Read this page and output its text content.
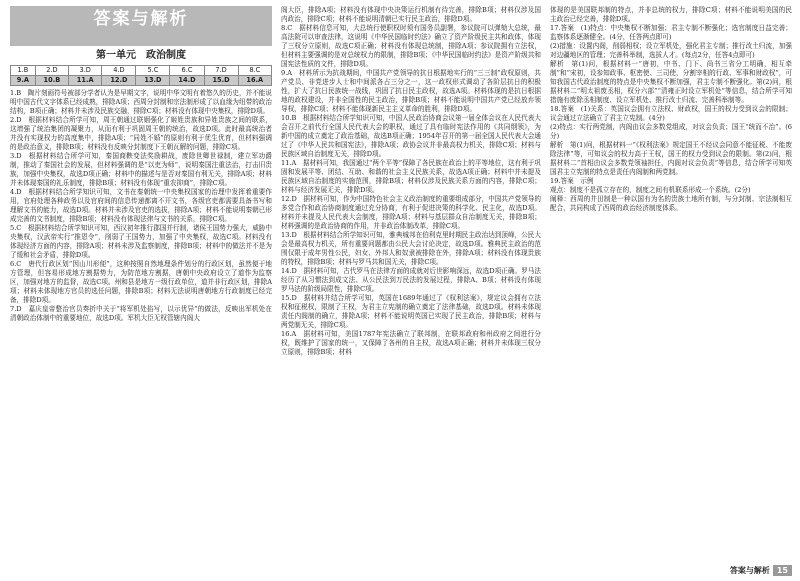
答案与解析
第一单元　政治制度
1.B	2.D	3.D	4.D	5.C	6.C	7.D	8.C
9.A	10.B	11.A	12.D	13.D	14.D	15.D	16.A

1.B　陶片刻画符号被部分学者认为是早期文字，说明中华文明有着悠久的历史，并不能说明中国古代文字体系已经成熟，排除A项；西周分封制和宗法制形成了以血缘为纽带的政治结构，B项正确；材料并未涉及民族交融，排除C项；材料没有体现中央集权，排除D项。

2.D　根据材料结合所学可知，周王朝通过联姻强化了姬姓贵族和异姓贵族之间的联系，这增强了统治集团的凝聚力，从而有利于巩固周王朝的统治，故选D项。此时最高统治者并没有实现权力的高度集中，排除A项；“同姓不婚”的原则有利于优生优育，但材料强调的是政治意义，排除B项；材料没有反映分封制度下王朝瓦解的问题，排除C项。

3.D　根据材料结合所学可知，秦国商鞅变法奖励耕战，废除世卿世禄制，建立军功爵制，推动了秦国社会的发展，但材料强调的是“以吏为师”，说明秦国注重法治，打击旧贵族，加强中央集权，故选D项正确；材料中的描述与是否对秦国有利无关，排除A项；材料并未体现秦国的礼乐制度，排除B项；材料没有体现“重农抑商”，排除C项。

4.D　根据材料结合所学知识可知，文书在秦朝统一中央集权国家的治理中发挥着重要作用，官府处理各种政务以及官府间的信息传递都离不开文书，各级官吏都需要具备书写和理解文书的能力，故选D项。材料并未涉及官吏的选拔，排除A项；材料不能说明秦朝已形成完善的文书制度，排除B项；材料没有体现法律与文书的关系，排除C项。

5.C　根据材料结合所学知识可知，西汉初年推行郡国并行制，诸侯王国势力强大，威胁中央集权，汉武帝实行“推恩令”，削弱了王国势力，加强了中央集权，故选C项。材料没有体现经济方面的内容，排除A项；材料未涉及监察制度，排除B项；材料中的做法并不是为了缓和社会矛盾，排除D项。

6.C　唐代行政区划“因山川形便”，这种按照自然地理条件划分的行政区划，虽然便于地方管理，但容易形成地方割据势力，为防范地方割据，唐朝中央政府设立了道作为监察区，加强对地方的监督，故选C项。州和县是地方一级行政单位，道并非行政区划，排除A项；材料未体现地方官员的选任问题，排除B项；材料无法说明唐朝地方行政制度已经完备，排除D项。

7.D　嘉庆皇帝整治官员奏折中关于“将军机处掐写，以示优异”的做法，反映出军机处在清朝政治体制中的重要地位，故选D项。军机大臣无权管辖内阁大

阁大臣，排除A项；材料没有体现中央决策运行机制有待完善，排除B项；材料仅涉及国内政治，排除C项；材料不能说明清朝已实行民主政治，排除D项。

8.C　据材料信息可知，大总统行使职权时须有国务员副署，参议院可以弹劾大总统，最高法院可以审查法律，这说明《中华民国临时约法》确立了资产阶级民主共和政体，体现了三权分立原则，故选C项正确；材料没有体现总统制，排除A项；参议院拥有立法权，但材料主要强调的是对总统权力的限制，排除B项；《中华民国临时约法》是资产阶级共和国宪法性质的文件，排除D项。

9.A　材料所示为抗战期间，中国共产党领导的抗日根据地实行的“三三制”政权原则，共产党员、非党进步人士和中间派各占三分之一，这一政权形式调动了各阶层抗日的积极性，扩大了抗日民族统一战线，巩固了抗日民主政权，故选A项。材料体现的是抗日根据地的政权建设，并非全国性的民主政治，排除B项；材料不能说明中国共产党已经放弃领导权，排除C项；材料不能体现新民主主义革命的胜利，排除D项。

10.B　根据材料结合所学知识可知，中国人民政治协商会议第一届全体会议在人民代表大会召开之前代行全国人民代表大会的职权，通过了具有临时宪法作用的《共同纲领》，为新中国的成立奠定了政治基础，故选B项正确；1954年召开的第一届全国人民代表大会通过了《中华人民共和国宪法》，排除A项；政协会议并非最高权力机关，排除C项；材料与民族区域自治制度无关，排除D项。

11.A　据材料可知，我国通过“两个平等”保障了各民族在政治上的平等地位，这有利于巩固和发展平等、团结、互助、和谐的社会主义民族关系，故选A项正确；材料中并未提及民族区域自治制度的实施范围，排除B项；材料仅涉及民族关系方面的内容，排除C项；材料与经济发展无关，排除D项。

12.D　据材料可知，作为中国特色社会主义政治制度的重要组成部分，中国共产党领导的多党合作和政治协商制度通过充分协商，有利于促进决策的科学化、民主化，故选D项。材料并未提及人民代表大会制度，排除A项；材料与基层群众自治制度无关，排除B项；材料强调的是政治协商的作用，并非政治体制改革，排除C项。

13.D　根据材料结合所学知识可知，雅典城邦在伯利克里时期民主政治达到顶峰，公民大会是最高权力机关，所有重要问题都由公民大会讨论决定，故选D项。雅典民主政治的范围仅限于成年男性公民，妇女、外邦人和奴隶被排除在外，排除A项；材料没有体现贵族的特权，排除B项；材料与罗马共和国无关，排除C项。

14.D　据材料可知，古代罗马在法律方面的成就对后世影响深远，故选D项正确。罗马法经历了从习惯法到成文法、从公民法到万民法的发展过程，排除A、B项；材料没有体现罗马法的阶级局限性，排除C项。

15.D　据材料并结合所学可知，英国在1689年通过了《权利法案》，规定议会拥有立法权和征税权，限制了王权，为君主立宪制的确立奠定了法律基础，故选D项。材料未体现责任内阁制的确立，排除A项；材料不能说明英国已实现了民主政治，排除B项；材料与两党制无关，排除C项。

16.A　据材料可知，美国1787年宪法确立了联邦制，在联邦政府和州政府之间进行分权，既维护了国家的统一，又保障了各州的自主权，故选A项正确；材料并未体现三权分立原则，排除B项；材料

体现的是美国联邦制的特点，并非总统的权力，排除C项；材料不能说明美国的民主政治已经完善，排除D项。

17.答案　(1)特点：中央集权不断加强；君主专制不断强化；选官制度日益完善；监察体系逐渐健全。(4分，任答两点即可)

(2)措施：设置内阁，削弱相权；设立军机处，强化君主专制；推行改土归流，加强对边疆地区的管理；完善科举制，选拔人才。(每点2分，任答4点即可)

解析　第(1)问，根据材料一“唐初，中书、门下、尚书三省分工明确，相互牵制”和“宋初，设参知政事、枢密使、三司使，分割宰相的行政、军事和财政权”，可知我国古代政治制度的特点是中央集权不断加强，君主专制不断强化。第(2)问，根据材料二“明太祖废丞相，权分六部”“清雍正时设立军机处”等信息，结合所学可知措施有废除丞相制度、设立军机处、推行改土归流、完善科举制等。

18.答案　(1)关系：英国议会拥有立法权、财政权，国王的权力受到议会的限制；议会通过立法确立了君主立宪制。(4分)

(2)特点：实行两党制，内阁由议会多数党组成，对议会负责；国王“统而不治”。(6分)

解析　第(1)问，根据材料一“《权利法案》规定国王不经议会同意不能征税、不能废除法律”等，可知议会的权力高于王权，国王的权力受到议会的限制。第(2)问，根据材料二“首相由议会多数党领袖担任，内阁对议会负责”等信息，结合所学可知英国君主立宪制的特点是责任内阁制和两党制。

19.答案　示例

观点：制度不是孤立存在的，制度之间有机联系形成一个系统。(2分)

阐释：西周的井田制是一种以国有为名的贵族土地所有制，与分封制、宗法制相互配合，共同构成了西周的政治经济制度体系。

答案与解析 15
